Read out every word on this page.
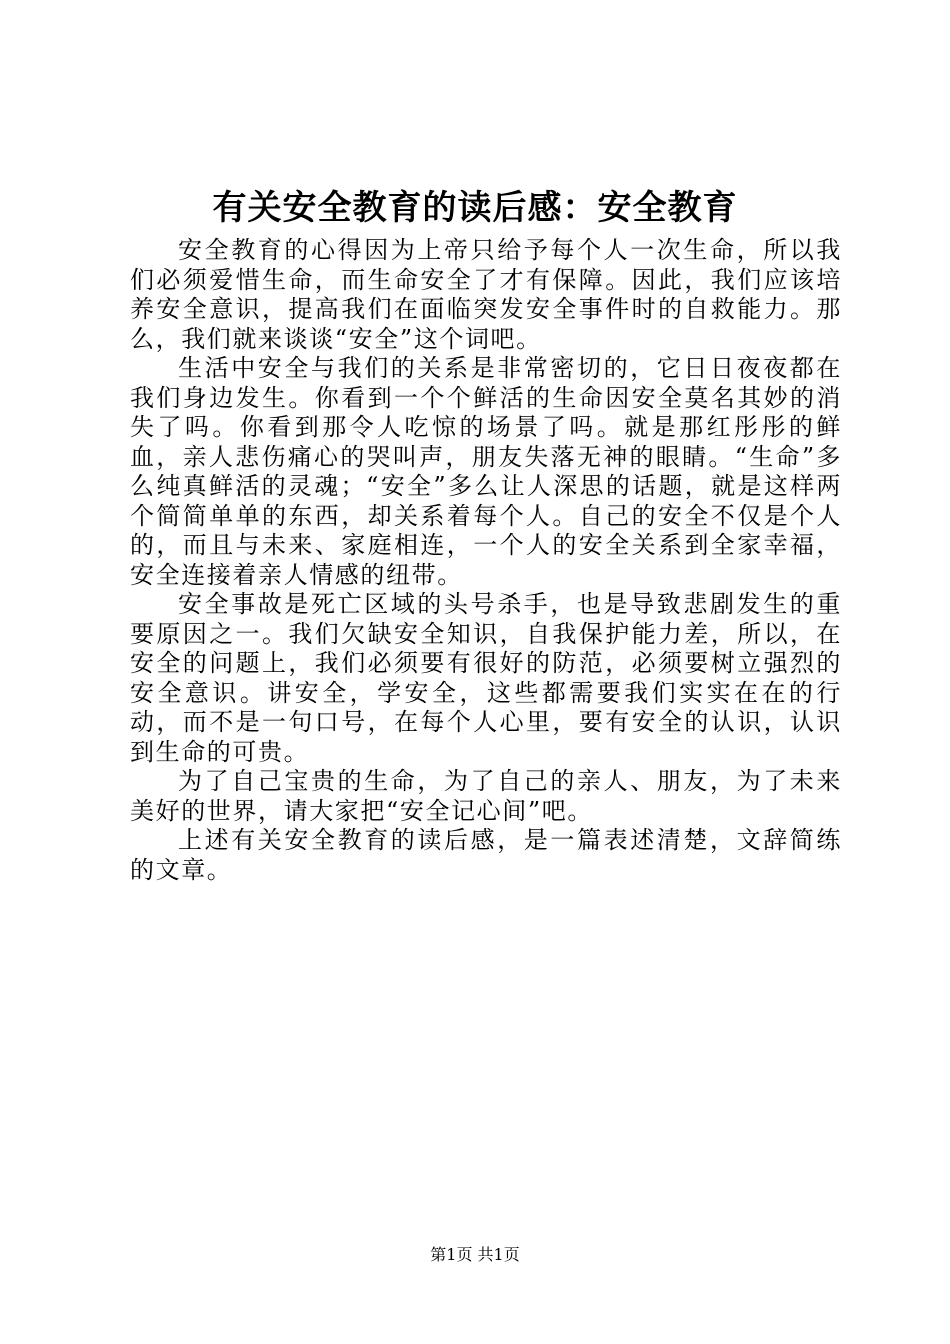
有关安全教育的读后感：安全教育

安全教育的心得因为上帝只给予每个人一次生命，所以我们必须爱惜生命，而生命安全了才有保障。因此，我们应该培养安全意识，提高我们在面临突发安全事件时的自救能力。那么，我们就来谈谈“安全”这个词吧。

生活中安全与我们的关系是非常密切的，它日日夜夜都在我们身边发生。你看到一个个鲜活的生命因安全莫名其妙的消失了吗。你看到那令人吃惊的场景了吗。就是那红彤彤的鲜血，亲人悲伤痛心的哭叫声，朋友失落无神的眼睛。“生命”多么纯真鲜活的灵魂；“安全”多么让人深思的话题，就是这样两个简简单单的东西，却关系着每个人。自己的安全不仅是个人的，而且与未来、家庭相连，一个人的安全关系到全家幸福，安全连接着亲人情感的纽带。

安全事故是死亡区域的头号杀手，也是导致悲剧发生的重要原因之一。我们欠缺安全知识，自我保护能力差，所以，在安全的问题上，我们必须要有很好的防范，必须要树立强烈的安全意识。讲安全，学安全，这些都需要我们实实在在的行动，而不是一句口号，在每个人心里，要有安全的认识，认识到生命的可贵。

为了自己宝贵的生命，为了自己的亲人、朋友，为了未来美好的世界，请大家把“安全记心间”吧。

上述有关安全教育的读后感，是一篇表述清楚，文辞简练的文章。

第1页 共1页
